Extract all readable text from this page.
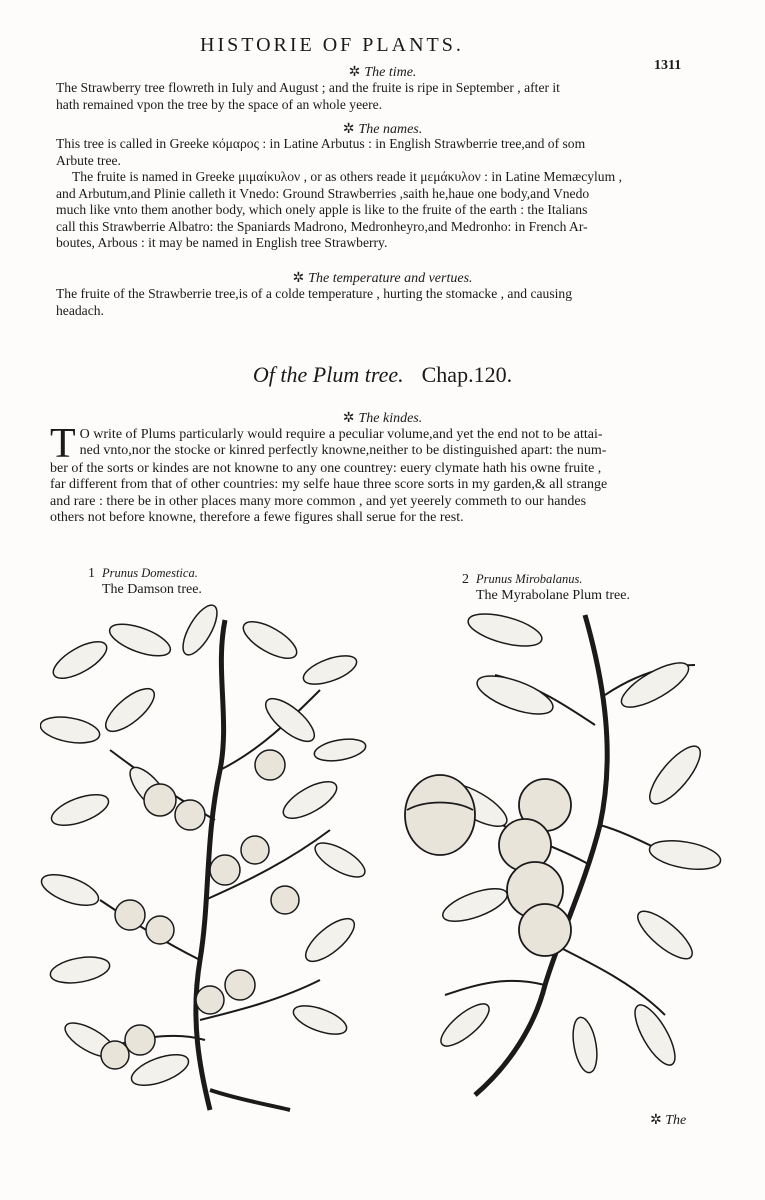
HISTORIE OF PLANTS.
1311
✲ The time.
The Strawberry tree flowreth in Iuly and August ; and the fruite is ripe in September , after it
hath remained vpon the tree by the space of an whole yeere.
✲ The names.
This tree is called in Greeke κόμαρος : in Latine Arbutus : in English Strawberrie tree,and of som
Arbute tree.
The fruite is named in Greeke μιμαίκυλον , or as others reade it μεμάκυλον : in Latine Memæcylum ,
and Arbutum,and Plinie calleth it Vnedo: Ground Strawberries ,saith he,haue one body,and Vnedo
much like vnto them another body, which onely apple is like to the fruite of the earth : the Italians
call this Strawberrie Albatro: the Spaniards Madrono, Medronheyro,and Medronho: in French Ar-
boutes, Arbous : it may be named in English tree Strawberry.
✲ The temperature and vertues.
The fruite of the Strawberrie tree,is of a colde temperature , hurting the stomacke , and causing
headach.
Of the Plum tree. Chap.120.
✲ The kindes.
T O write of Plums particularly would require a peculiar volume,and yet the end not to be attai-
ned vnto,nor the stocke or kinred perfectly knowne,neither to be distinguished apart: the num-
ber of the sorts or kindes are not knowne to any one countrey: euery clymate hath his owne fruite ,
far different from that of other countries: my selfe haue three score sorts in my garden,& all strange
and rare : there be in other places many more common , and yet yeerely commeth to our handes
others not before knowne, therefore a fewe figures shall serue for the rest.
1 Prunus Domestica.
The Damson tree.
2 Prunus Mirobalanus.
The Myrabolane Plum tree.
✲ The
